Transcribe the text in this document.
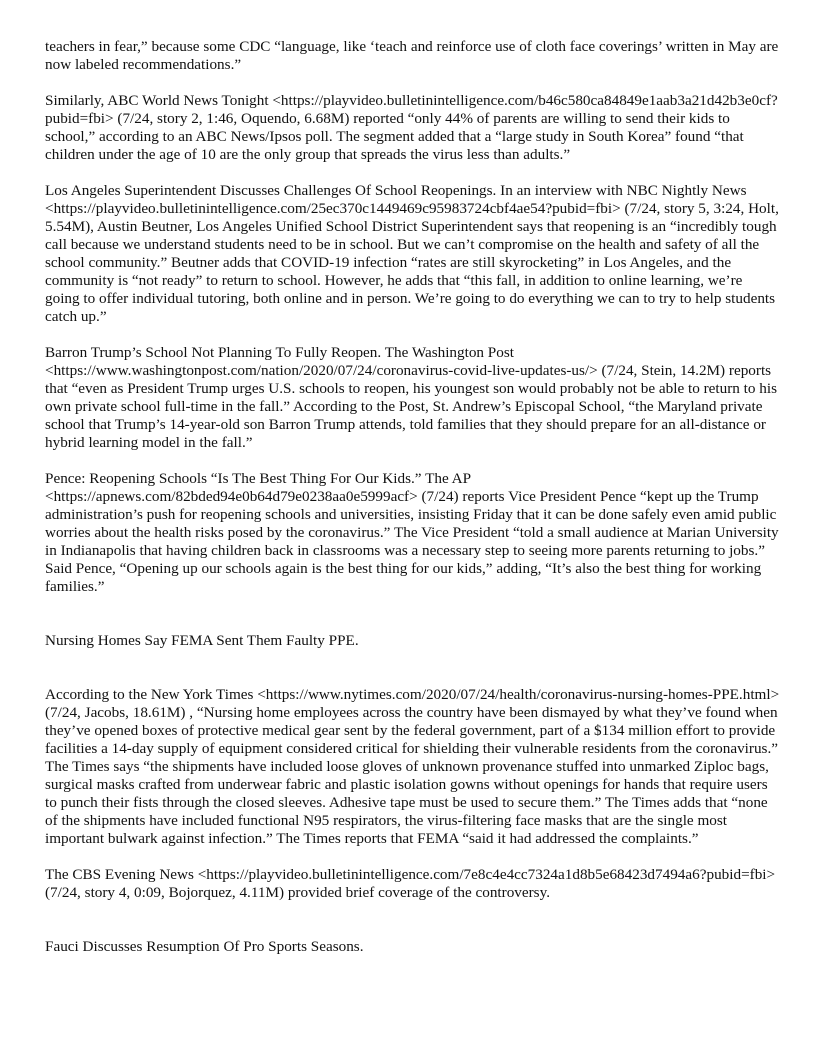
teachers in fear,” because some CDC “language, like ‘teach and reinforce use of cloth face coverings’ written in May are now labeled recommendations.”

Similarly, ABC World News Tonight <https://playvideo.bulletinintelligence.com/b46c580ca84849e1aab3a21d42b3e0cf?pubid=fbi> (7/24, story 2, 1:46, Oquendo, 6.68M) reported “only 44% of parents are willing to send their kids to school,” according to an ABC News/Ipsos poll. The segment added that a “large study in South Korea” found “that children under the age of 10 are the only group that spreads the virus less than adults.”

Los Angeles Superintendent Discusses Challenges Of School Reopenings. In an interview with NBC Nightly News <https://playvideo.bulletinintelligence.com/25ec370c1449469c95983724cbf4ae54?pubid=fbi> (7/24, story 5, 3:24, Holt, 5.54M), Austin Beutner, Los Angeles Unified School District Superintendent says that reopening is an “incredibly tough call because we understand students need to be in school. But we can’t compromise on the health and safety of all the school community.” Beutner adds that COVID-19 infection “rates are still skyrocketing” in Los Angeles, and the community is “not ready” to return to school. However, he adds that “this fall, in addition to online learning, we’re going to offer individual tutoring, both online and in person. We’re going to do everything we can to try to help students catch up.”

Barron Trump’s School Not Planning To Fully Reopen. The Washington Post <https://www.washingtonpost.com/nation/2020/07/24/coronavirus-covid-live-updates-us/> (7/24, Stein, 14.2M) reports that “even as President Trump urges U.S. schools to reopen, his youngest son would probably not be able to return to his own private school full-time in the fall.” According to the Post, St. Andrew’s Episcopal School, “the Maryland private school that Trump’s 14-year-old son Barron Trump attends, told families that they should prepare for an all-distance or hybrid learning model in the fall.”

Pence: Reopening Schools “Is The Best Thing For Our Kids.” The AP <https://apnews.com/82bded94e0b64d79e0238aa0e5999acf> (7/24) reports Vice President Pence “kept up the Trump administration’s push for reopening schools and universities, insisting Friday that it can be done safely even amid public worries about the health risks posed by the coronavirus.” The Vice President “told a small audience at Marian University in Indianapolis that having children back in classrooms was a necessary step to seeing more parents returning to jobs.” Said Pence, “Opening up our schools again is the best thing for our kids,” adding, “It’s also the best thing for working families.”

Nursing Homes Say FEMA Sent Them Faulty PPE.

According to the New York Times <https://www.nytimes.com/2020/07/24/health/coronavirus-nursing-homes-PPE.html> (7/24, Jacobs, 18.61M) , “Nursing home employees across the country have been dismayed by what they’ve found when they’ve opened boxes of protective medical gear sent by the federal government, part of a $134 million effort to provide facilities a 14-day supply of equipment considered critical for shielding their vulnerable residents from the coronavirus.” The Times says “the shipments have included loose gloves of unknown provenance stuffed into unmarked Ziploc bags, surgical masks crafted from underwear fabric and plastic isolation gowns without openings for hands that require users to punch their fists through the closed sleeves. Adhesive tape must be used to secure them.” The Times adds that “none of the shipments have included functional N95 respirators, the virus-filtering face masks that are the single most important bulwark against infection.” The Times reports that FEMA “said it had addressed the complaints.”

The CBS Evening News <https://playvideo.bulletinintelligence.com/7e8c4e4cc7324a1d8b5e68423d7494a6?pubid=fbi> (7/24, story 4, 0:09, Bojorquez, 4.11M) provided brief coverage of the controversy.

Fauci Discusses Resumption Of Pro Sports Seasons.
